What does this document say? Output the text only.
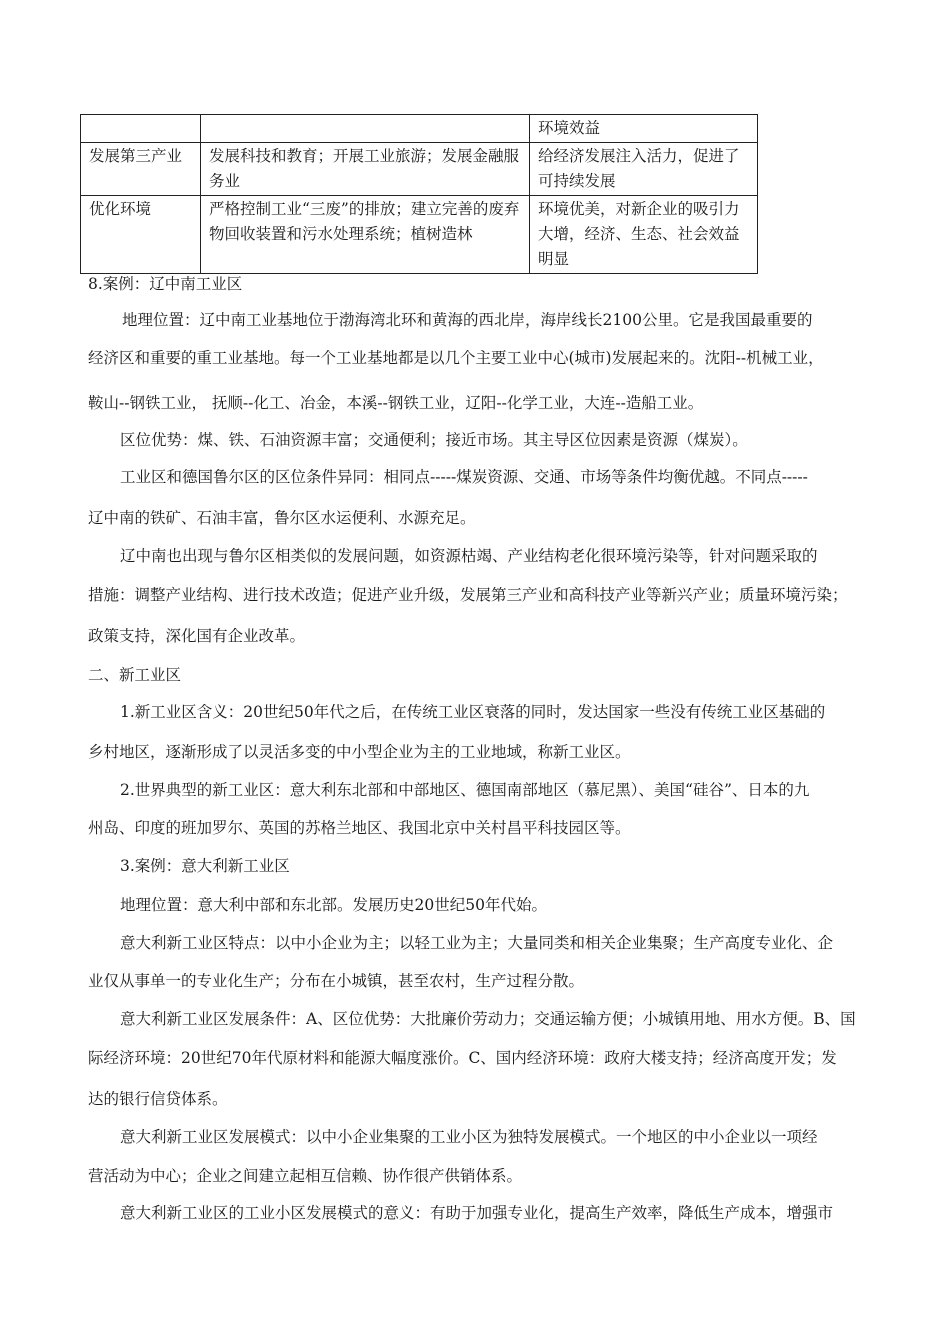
		环境效益
发展第三产业	发展科技和教育；开展工业旅游；发展金融服务业	给经济发展注入活力，促进了可持续发展
优化环境	严格控制工业“三废”的排放；建立完善的废弃物回收装置和污水处理系统；植树造林	环境优美，对新企业的吸引力大增，经济、生态、社会效益明显
8.案例：辽中南工业区
地理位置：辽中南工业基地位于渤海湾北环和黄海的西北岸，海岸线长2100公里。它是我国最重要的
经济区和重要的重工业基地。每一个工业基地都是以几个主要工业中心(城市)发展起来的。沈阳--机械工业，
鞍山--钢铁工业， 抚顺--化工、冶金，本溪--钢铁工业，辽阳--化学工业，大连--造船工业。
区位优势：煤、铁、石油资源丰富；交通便利；接近市场。其主导区位因素是资源（煤炭）。
工业区和德国鲁尔区的区位条件异同：相同点-----煤炭资源、交通、市场等条件均衡优越。不同点-----
辽中南的铁矿、石油丰富，鲁尔区水运便利、水源充足。
辽中南也出现与鲁尔区相类似的发展问题，如资源枯竭、产业结构老化很环境污染等，针对问题采取的
措施：调整产业结构、进行技术改造；促进产业升级，发展第三产业和高科技产业等新兴产业；质量环境污染；
政策支持，深化国有企业改革。
二、新工业区
1.新工业区含义：20世纪50年代之后，在传统工业区衰落的同时，发达国家一些没有传统工业区基础的
乡村地区，逐渐形成了以灵活多变的中小型企业为主的工业地域，称新工业区。
2.世界典型的新工业区：意大利东北部和中部地区、德国南部地区（慕尼黑）、美国“硅谷”、日本的九
州岛、印度的班加罗尔、英国的苏格兰地区、我国北京中关村昌平科技园区等。
3.案例：意大利新工业区
地理位置：意大利中部和东北部。发展历史20世纪50年代始。
意大利新工业区特点：以中小企业为主；以轻工业为主；大量同类和相关企业集聚；生产高度专业化、企
业仅从事单一的专业化生产；分布在小城镇，甚至农村，生产过程分散。
意大利新工业区发展条件：A、区位优势：大批廉价劳动力；交通运输方便；小城镇用地、用水方便。B、国
际经济环境：20世纪70年代原材料和能源大幅度涨价。C、国内经济环境：政府大楼支持；经济高度开发；发
达的银行信贷体系。
意大利新工业区发展模式：以中小企业集聚的工业小区为独特发展模式。一个地区的中小企业以一项经
营活动为中心；企业之间建立起相互信赖、协作很产供销体系。
意大利新工业区的工业小区发展模式的意义：有助于加强专业化，提高生产效率，降低生产成本，增强市
